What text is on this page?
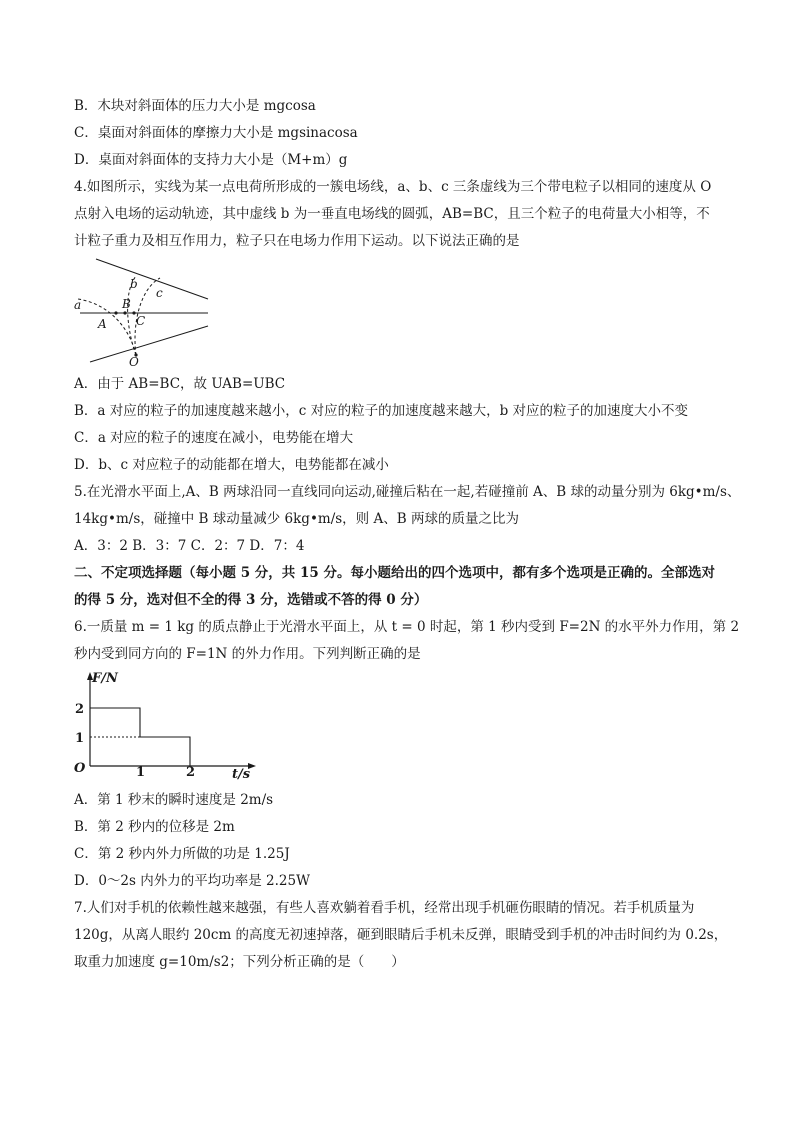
B．木块对斜面体的压力大小是 mgcosa
C．桌面对斜面体的摩擦力大小是 mgsinacosa
D．桌面对斜面体的支持力大小是（M+m）g
4.如图所示，实线为某一点电荷所形成的一簇电场线，a、b、c 三条虚线为三个带电粒子以相同的速度从 O
点射入电场的运动轨迹，其中虚线 b 为一垂直电场线的圆弧，AB=BC，且三个粒子的电荷量大小相等，不
计粒子重力及相互作用力，粒子只在电场力作用下运动。以下说法正确的是
a
b
c
A
B
C
O
A．由于 AB=BC，故 UAB=UBC
B．a 对应的粒子的加速度越来越小，c 对应的粒子的加速度越来越大，b 对应的粒子的加速度大小不变
C．a 对应的粒子的速度在减小，电势能在增大
D．b、c 对应粒子的动能都在增大，电势能都在减小
5.在光滑水平面上,A、B 两球沿同一直线同向运动,碰撞后粘在一起,若碰撞前 A、B 球的动量分别为 6kg•m/s、
14kg•m/s，碰撞中 B 球动量减少 6kg•m/s，则 A、B 两球的质量之比为
A．3：2 B．3：7 C．2：7 D．7：4
二、不定项选择题（每小题 5 分，共 15 分。每小题给出的四个选项中，都有多个选项是正确的。全部选对
的得 5 分，选对但不全的得 3 分，选错或不答的得 0 分）
6.一质量 m = 1 kg 的质点静止于光滑水平面上，从 t = 0 时起，第 1 秒内受到 F=2N 的水平外力作用，第 2
秒内受到同方向的 F=1N 的外力作用。下列判断正确的是
F/N
t/s
O
2
1
1	2
A．第 1 秒末的瞬时速度是 2m/s
B．第 2 秒内的位移是 2m
C．第 2 秒内外力所做的功是 1.25J
D．0～2s 内外力的平均功率是 2.25W
7.人们对手机的依赖性越来越强，有些人喜欢躺着看手机，经常出现手机砸伤眼睛的情况。若手机质量为
120g，从离人眼约 20cm 的高度无初速掉落，砸到眼睛后手机未反弹，眼睛受到手机的冲击时间约为 0.2s，
取重力加速度 g=10m/s2；下列分析正确的是（　　）
